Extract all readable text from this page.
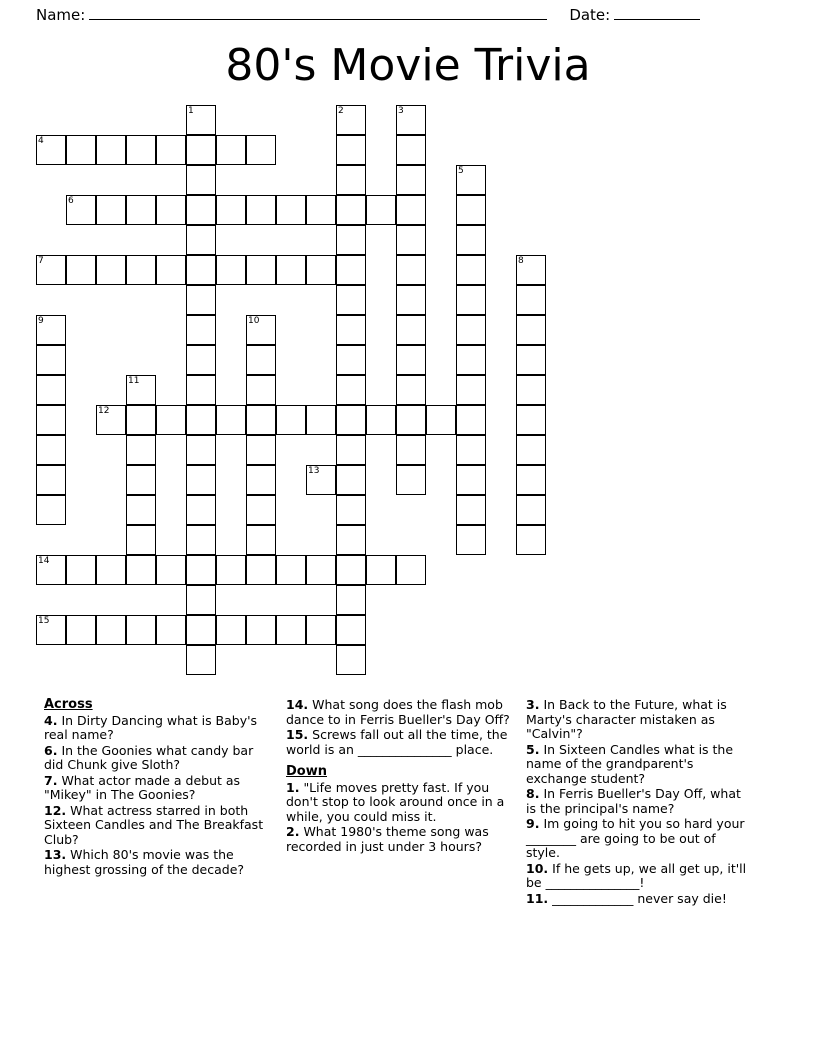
Name:	Date:
80's Movie Trivia
1	2	3
4
5
6
7	8
9	10
11
12
13
14
15
Across

4. In Dirty Dancing what is Baby's real name?

6. In the Goonies what candy bar did Chunk give Sloth?

7. What actor made a debut as "Mikey" in The Goonies?

12. What actress starred in both Sixteen Candles and The Breakfast Club?

13. Which 80's movie was the highest grossing of the decade?

14. What song does the flash mob dance to in Ferris Bueller's Day Off?

15. Screws fall out all the time, the world is an _______________ place.

Down

1. "Life moves pretty fast. If you don't stop to look around once in a while, you could miss it.

2. What 1980's theme song was recorded in just under 3 hours?

3. In Back to the Future, what is Marty's character mistaken as "Calvin"?

5. In Sixteen Candles what is the name of the grandparent's exchange student?

8. In Ferris Bueller's Day Off, what is the principal's name?

9. Im going to hit you so hard your ________ are going to be out of style.

10. If he gets up, we all get up, it'll be _______________!

11. _____________ never say die!
